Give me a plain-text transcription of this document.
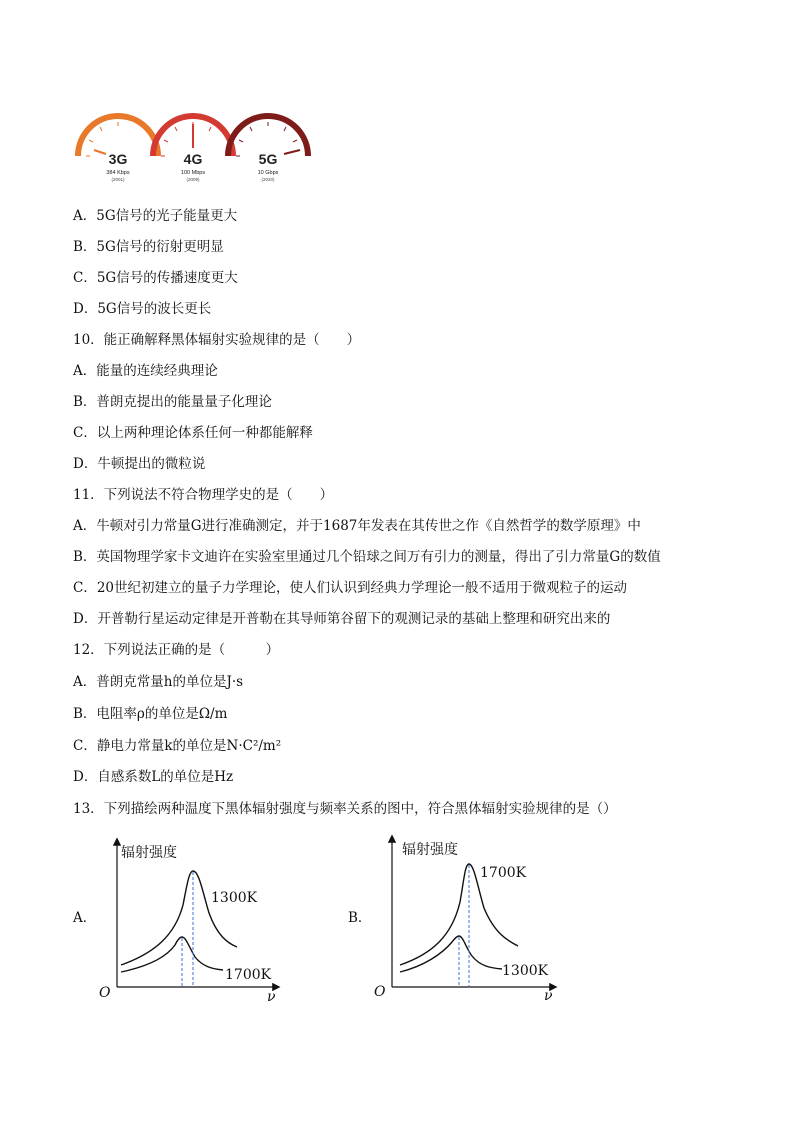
3G
384 Kbps
(2001)
4G
100 Mbps
(2009)
5G
10 Gbps
(2020)
A．5G信号的光子能量更大
B．5G信号的衍射更明显
C．5G信号的传播速度更大
D．5G信号的波长更长
10．能正确解释黑体辐射实验规律的是（　　）
A．能量的连续经典理论
B．普朗克提出的能量量子化理论
C．以上两种理论体系任何一种都能解释
D．牛顿提出的微粒说
11．下列说法不符合物理学史的是（　　）
A．牛顿对引力常量G进行准确测定，并于1687年发表在其传世之作《自然哲学的数学原理》中
B．英国物理学家卡文迪许在实验室里通过几个铅球之间万有引力的测量，得出了引力常量G的数值
C．20世纪初建立的量子力学理论，使人们认识到经典力学理论一般不适用于微观粒子的运动
D．开普勒行星运动定律是开普勒在其导师第谷留下的观测记录的基础上整理和研究出来的
12．下列说法正确的是（　　　）
A．普朗克常量h的单位是J·s
B．电阻率ρ的单位是Ω/m
C．静电力常量k的单位是N·C²/m²
D．自感系数L的单位是Hz
13．下列描绘两种温度下黑体辐射强度与频率关系的图中，符合黑体辐射实验规律的是（）
A．
辐射强度
O	ν
1300K
1700K
B．
辐射强度
O	ν
1700K
1300K
